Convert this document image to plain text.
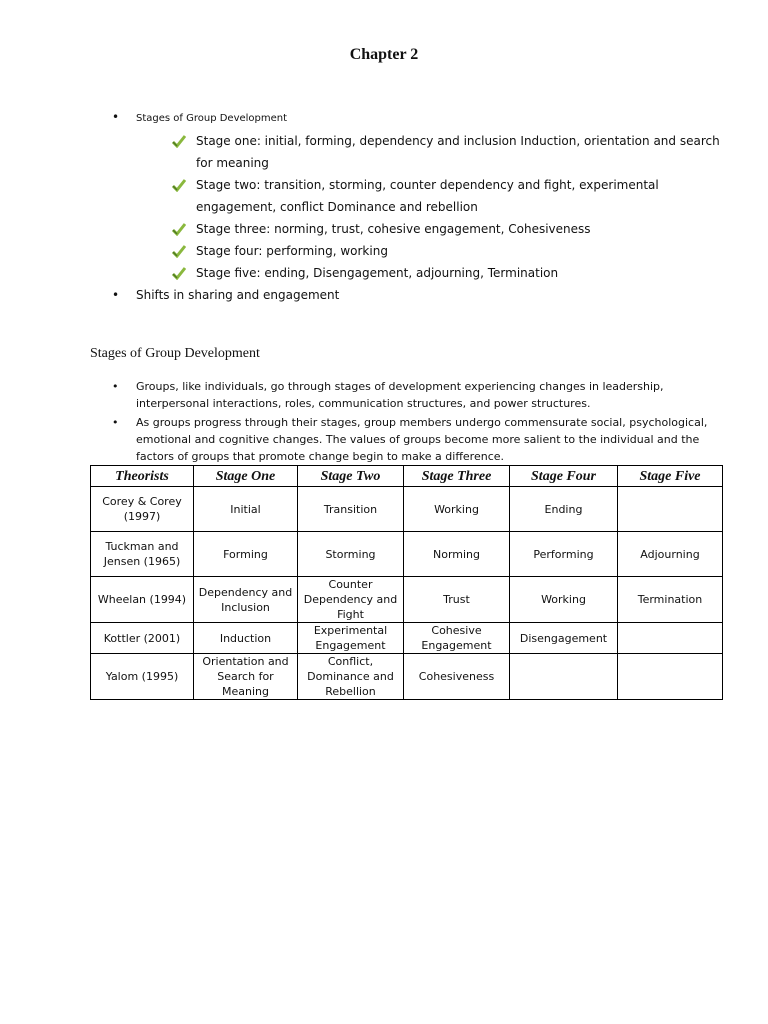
Chapter 2
• Stages of Group Development
Stage one: initial, forming, dependency and inclusion Induction, orientation and search for meaning
Stage two: transition, storming, counter dependency and fight, experimental engagement, conflict Dominance and rebellion
Stage three: norming, trust, cohesive engagement, Cohesiveness
Stage four: performing, working
Stage five: ending, Disengagement, adjourning, Termination
• Shifts in sharing and engagement
Stages of Group Development
• Groups, like individuals, go through stages of development experiencing changes in leadership, interpersonal interactions, roles, communication structures, and power structures.
• As groups progress through their stages, group members undergo commensurate social, psychological, emotional and cognitive changes. The values of groups become more salient to the individual and the factors of groups that promote change begin to make a difference.
Theorists	Stage One	Stage Two	Stage Three	Stage Four	Stage Five
Corey & Corey (1997)	Initial	Transition	Working	Ending	
Tuckman and Jensen (1965)	Forming	Storming	Norming	Performing	Adjourning
Wheelan (1994)	Dependency and Inclusion	Counter Dependency and Fight	Trust	Working	Termination
Kottler (2001)	Induction	Experimental Engagement	Cohesive Engagement	Disengagement	
Yalom (1995)	Orientation and Search for Meaning	Conflict, Dominance and Rebellion	Cohesiveness		
